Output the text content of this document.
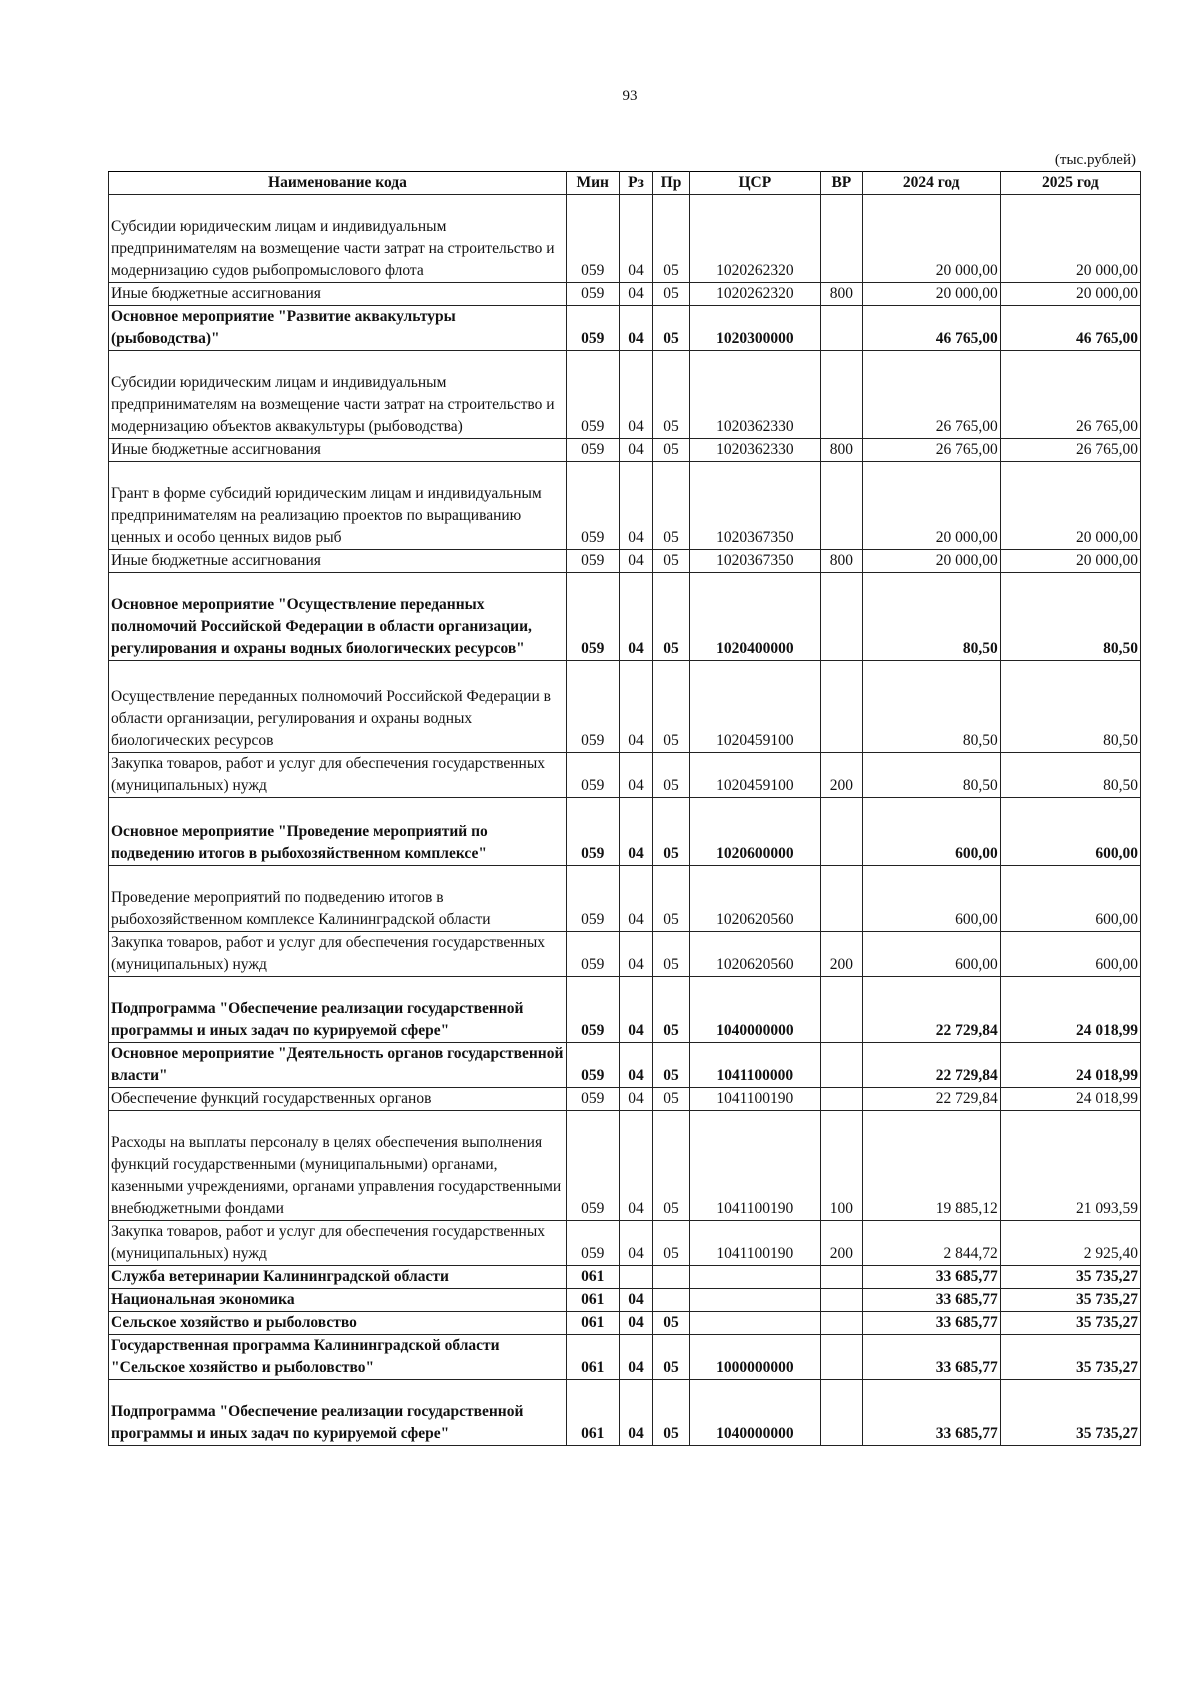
93
(тыс.рублей)
Наименование кода	Мин	Рз	Пр	ЦСР	ВР	2024 год	2025 год
Субсидии юридическим лицам и индивидуальным предпринимателям на возмещение части затрат на строительство и модернизацию судов рыбопромыслового флота	059	04	05	1020262320		20 000,00	20 000,00
Иные бюджетные ассигнования	059	04	05	1020262320	800	20 000,00	20 000,00
Основное мероприятие "Развитие аквакультуры (рыбоводства)"	059	04	05	1020300000		46 765,00	46 765,00
Субсидии юридическим лицам и индивидуальным предпринимателям на возмещение части затрат на строительство и модернизацию объектов аквакультуры (рыбоводства)	059	04	05	1020362330		26 765,00	26 765,00
Иные бюджетные ассигнования	059	04	05	1020362330	800	26 765,00	26 765,00
Грант в форме субсидий юридическим лицам и индивидуальным предпринимателям на реализацию проектов по выращиванию ценных и особо ценных видов рыб	059	04	05	1020367350		20 000,00	20 000,00
Иные бюджетные ассигнования	059	04	05	1020367350	800	20 000,00	20 000,00
Основное мероприятие "Осуществление переданных полномочий Российской Федерации в области организации, регулирования и охраны водных биологических ресурсов"	059	04	05	1020400000		80,50	80,50
Осуществление переданных полномочий Российской Федерации в области организации, регулирования и охраны водных биологических ресурсов	059	04	05	1020459100		80,50	80,50
Закупка товаров, работ и услуг для обеспечения государственных (муниципальных) нужд	059	04	05	1020459100	200	80,50	80,50
Основное мероприятие "Проведение мероприятий по подведению итогов в рыбохозяйственном комплексе"	059	04	05	1020600000		600,00	600,00
Проведение мероприятий по подведению итогов в рыбохозяйственном комплексе Калининградской области	059	04	05	1020620560		600,00	600,00
Закупка товаров, работ и услуг для обеспечения государственных (муниципальных) нужд	059	04	05	1020620560	200	600,00	600,00
Подпрограмма "Обеспечение реализации государственной программы и иных задач по курируемой сфере"	059	04	05	1040000000		22 729,84	24 018,99
Основное мероприятие "Деятельность органов государственной власти"	059	04	05	1041100000		22 729,84	24 018,99
Обеспечение функций государственных органов	059	04	05	1041100190		22 729,84	24 018,99
Расходы на выплаты персоналу в целях обеспечения выполнения функций государственными (муниципальными) органами, казенными учреждениями, органами управления государственными внебюджетными фондами	059	04	05	1041100190	100	19 885,12	21 093,59
Закупка товаров, работ и услуг для обеспечения государственных (муниципальных) нужд	059	04	05	1041100190	200	2 844,72	2 925,40
Служба ветеринарии Калининградской области	061					33 685,77	35 735,27
Национальная экономика	061	04				33 685,77	35 735,27
Сельское хозяйство и рыболовство	061	04	05			33 685,77	35 735,27
Государственная программа Калининградской области "Сельское хозяйство и рыболовство"	061	04	05	1000000000		33 685,77	35 735,27
Подпрограмма "Обеспечение реализации государственной программы и иных задач по курируемой сфере"	061	04	05	1040000000		33 685,77	35 735,27
